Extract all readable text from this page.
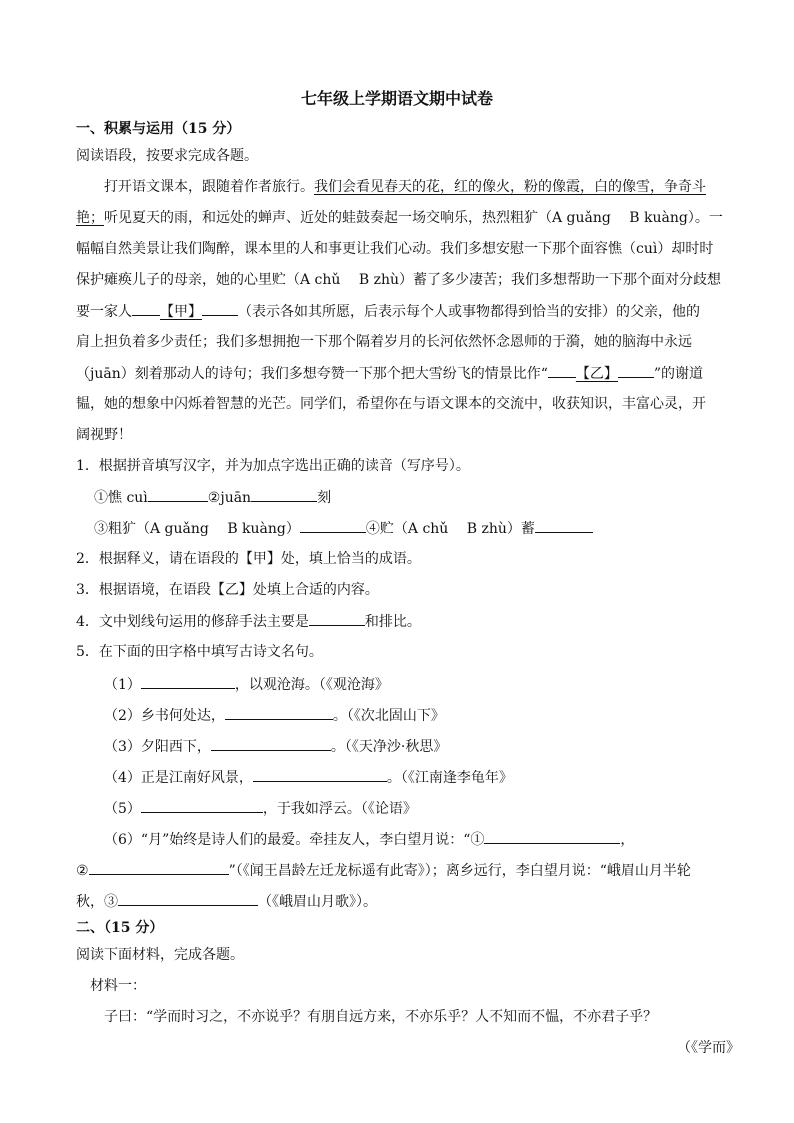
七年级上学期语文期中试卷
一、积累与运用（15 分）
阅读语段，按要求完成各题。
打开语文课本，跟随着作者旅行。我们会看见春天的花，红的像火，粉的像霞，白的像雪，争奇斗
艳；听见夏天的雨，和远处的蝉声、近处的蛙鼓奏起一场交响乐，热烈粗犷（A guǎng　 B kuàng）。一
幅幅自然美景让我们陶醉，课本里的人和事更让我们心动。我们多想安慰一下那个面容憔（cuì）却时时
保护瘫痪儿子的母亲，她的心里贮（A chǔ　 B zhù）蓄了多少凄苦；我们多想帮助一下那个面对分歧想
要一家人 【甲】	（表示各如其所愿，后表示每个人或事物都得到恰当的安排）的父亲，他的
肩上担负着多少责任；我们多想拥抱一下那个隔着岁月的长河依然怀念恩师的于漪，她的脑海中永远
（juān）刻着那动人的诗句；我们多想夸赞一下那个把大雪纷飞的情景比作“ 【乙】	”的谢道
韫，她的想象中闪烁着智慧的光芒。同学们，希望你在与语文课本的交流中，收获知识，丰富心灵，开
阔视野！
1．根据拼音填写汉字，并为加点字选出正确的读音（写序号）。
①憔 cuì	②juān	刻
③粗犷（A guǎng　 B kuàng）	④贮（A chǔ　 B zhù）蓄
2．根据释义，请在语段的【甲】处，填上恰当的成语。
3．根据语境，在语段【乙】处填上合适的内容。
4．文中划线句运用的修辞手法主要是	和排比。
5．在下面的田字格中填写古诗文名句。
（1）	，以观沧海。（《观沧海》
（2）乡书何处达，	。（《次北固山下》
（3）夕阳西下，	。（《天净沙·秋思》
（4）正是江南好风景，	。（《江南逢李龟年》
（5）	，于我如浮云。（《论语》
（6）“月”始终是诗人们的最爱。牵挂友人，李白望月说：“①	，
②	”（《闻王昌龄左迁龙标遥有此寄》）；离乡远行，李白望月说：“峨眉山月半轮
秋，③	（《峨眉山月歌》）。
二、（15 分）
阅读下面材料，完成各题。
材料一：
子曰：“学而时习之，不亦说乎？有朋自远方来，不亦乐乎？人不知而不愠，不亦君子乎？
（《学而》
